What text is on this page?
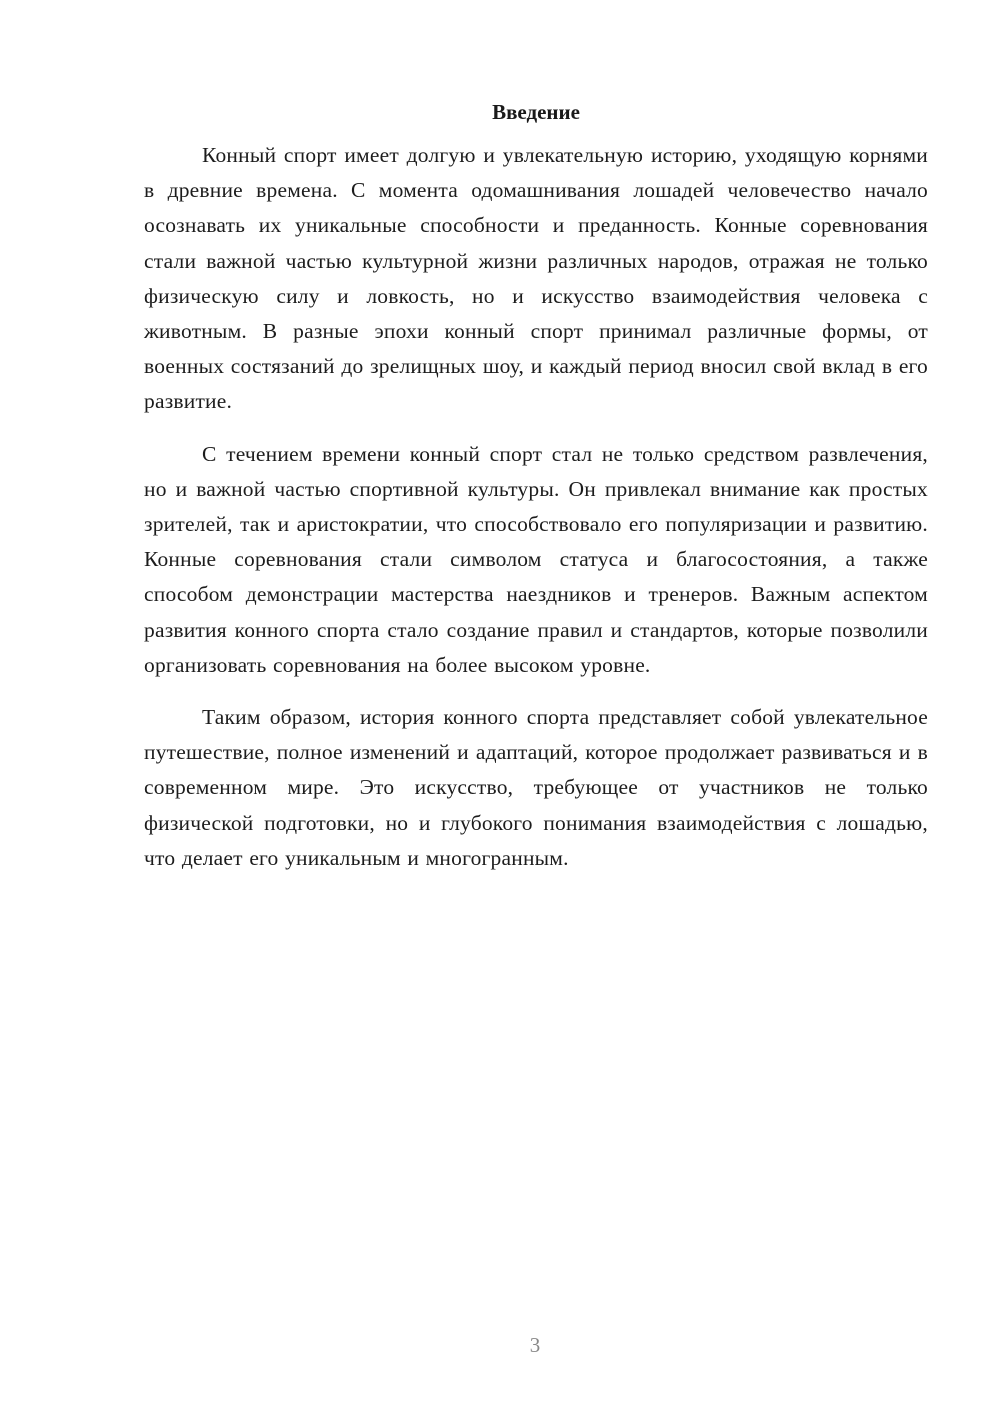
Введение

Конный спорт имеет долгую и увлекательную историю, уходящую корнями в древние времена. С момента одомашнивания лошадей человечество начало осознавать их уникальные способности и преданность. Конные соревнования стали важной частью культурной жизни различных народов, отражая не только физическую силу и ловкость, но и искусство взаимодействия человека с животным. В разные эпохи конный спорт принимал различные формы, от военных состязаний до зрелищных шоу, и каждый период вносил свой вклад в его развитие.

С течением времени конный спорт стал не только средством развлечения, но и важной частью спортивной культуры. Он привлекал внимание как простых зрителей, так и аристократии, что способствовало его популяризации и развитию. Конные соревнования стали символом статуса и благосостояния, а также способом демонстрации мастерства наездников и тренеров. Важным аспектом развития конного спорта стало создание правил и стандартов, которые позволили организовать соревнования на более высоком уровне.

Таким образом, история конного спорта представляет собой увлекательное путешествие, полное изменений и адаптаций, которое продолжает развиваться и в современном мире. Это искусство, требующее от участников не только физической подготовки, но и глубокого понимания взаимодействия с лошадью, что делает его уникальным и многогранным.

3
